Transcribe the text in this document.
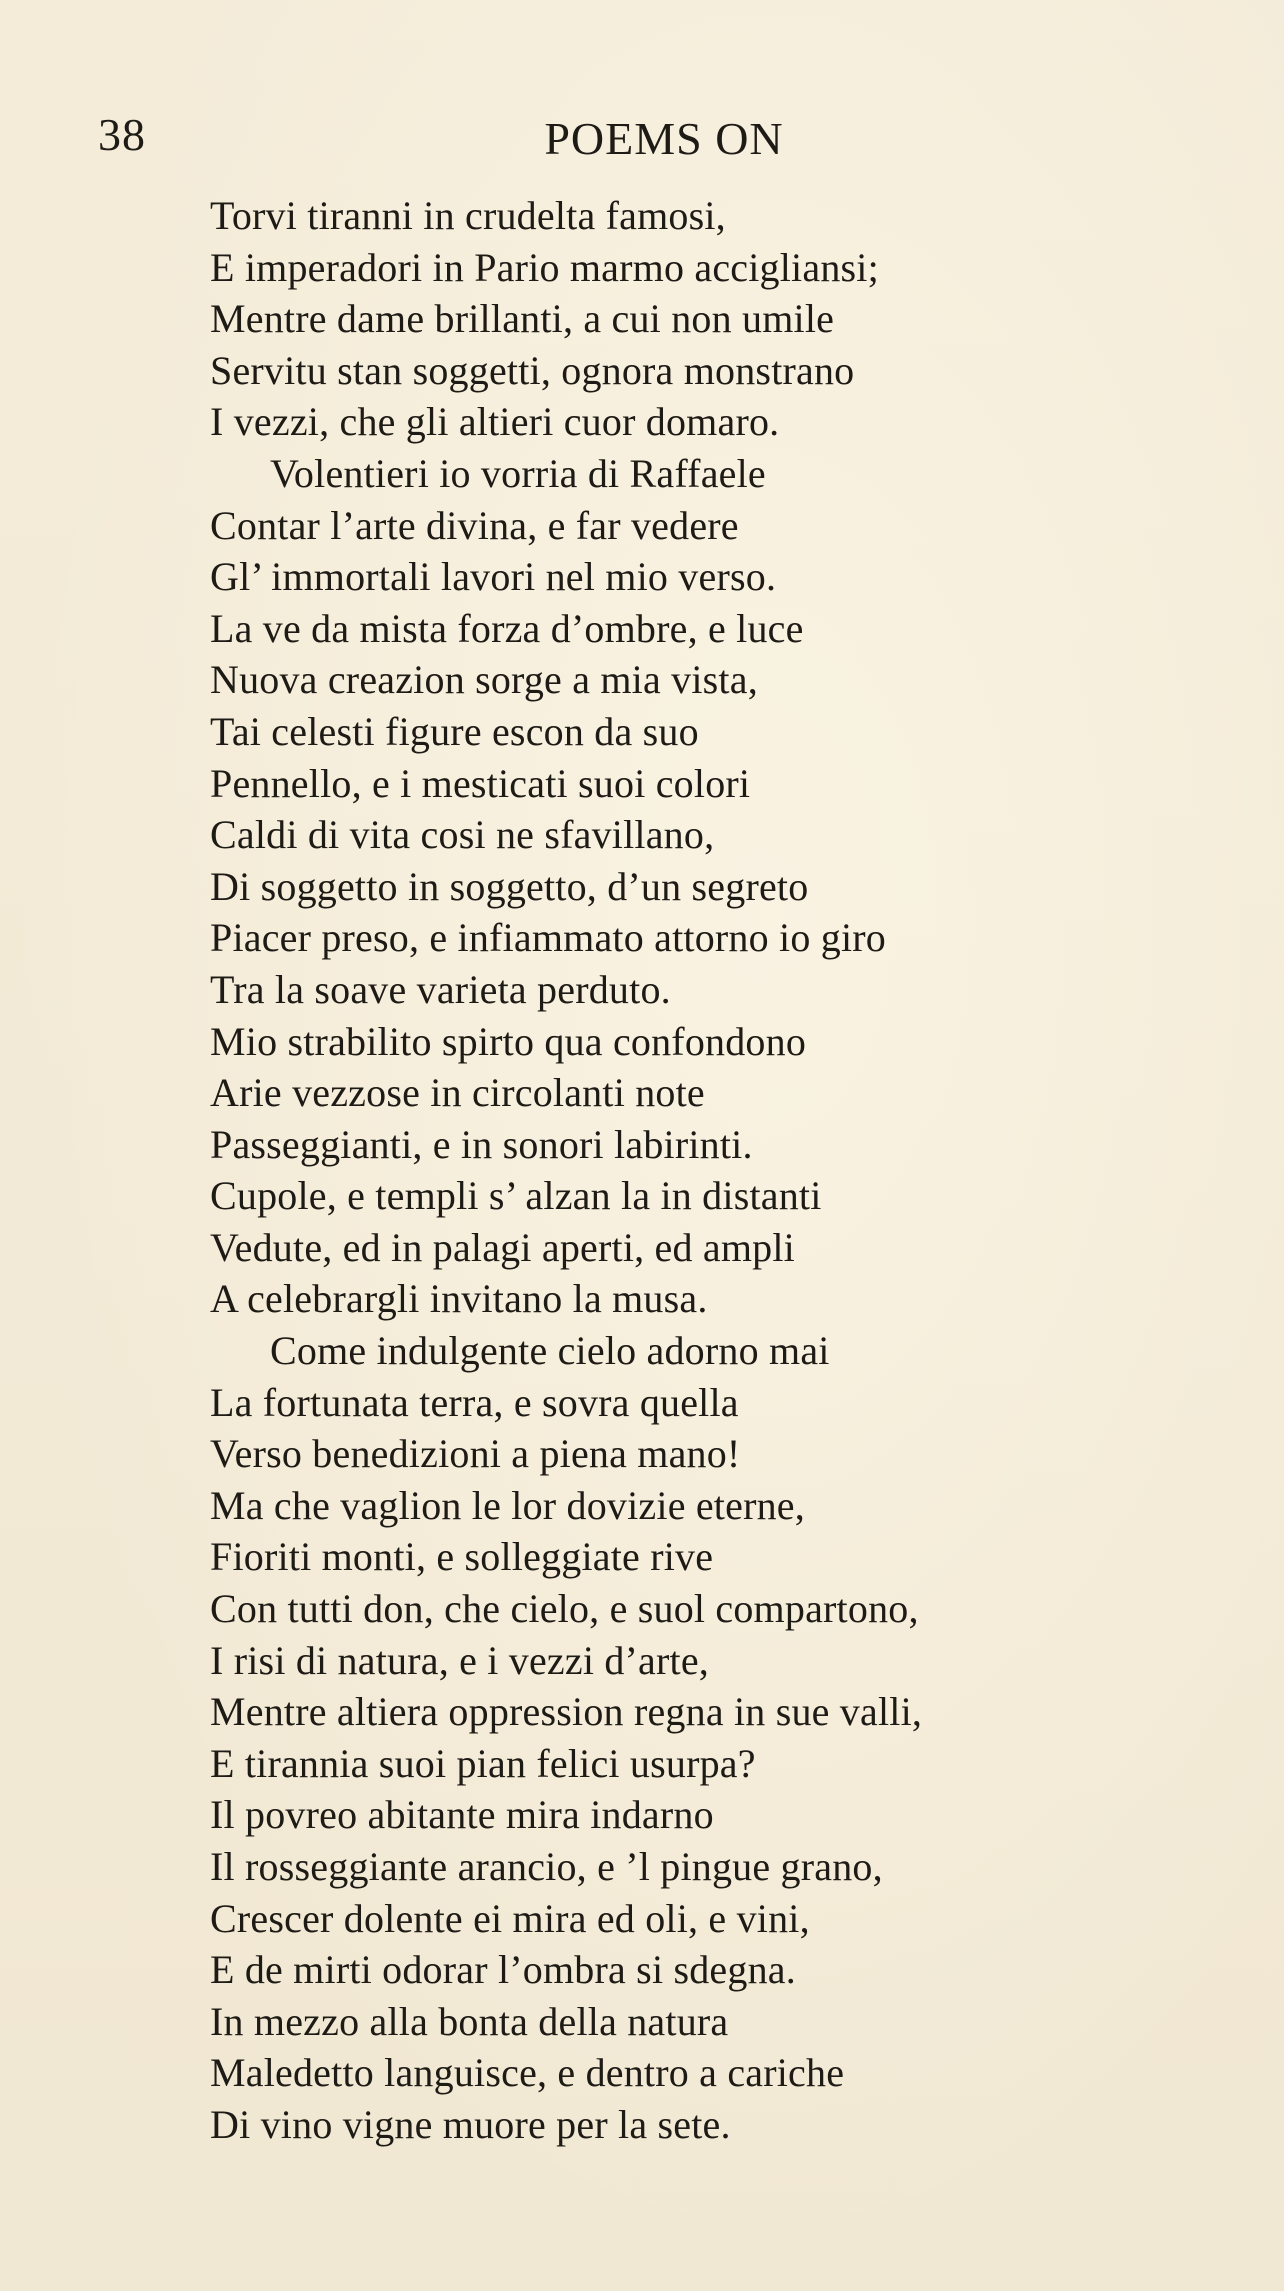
38	POEMS ON
Torvi tiranni in crudelta famosi,
E imperadori in Pario marmo accigliansi;
Mentre dame brillanti, a cui non umile
Servitu stan soggetti, ognora monstrano
I vezzi, che gli altieri cuor domaro.
Volentieri io vorria di Raffaele
Contar l’arte divina, e far vedere
Gl’ immortali lavori nel mio verso.
La ve da mista forza d’ombre, e luce
Nuova creazion sorge a mia vista,
Tai celesti figure escon da suo
Pennello, e i mesticati suoi colori
Caldi di vita cosi ne sfavillano,
Di soggetto in soggetto, d’un segreto
Piacer preso, e infiammato attorno io giro
Tra la soave varieta perduto.
Mio strabilito spirto qua confondono
Arie vezzose in circolanti note
Passeggianti, e in sonori labirinti.
Cupole, e templi s’ alzan la in distanti
Vedute, ed in palagi aperti, ed ampli
A celebrargli invitano la musa.
Come indulgente cielo adorno mai
La fortunata terra, e sovra quella
Verso benedizioni a piena mano!
Ma che vaglion le lor dovizie eterne,
Fioriti monti, e solleggiate rive
Con tutti don, che cielo, e suol compartono,
I risi di natura, e i vezzi d’arte,
Mentre altiera oppression regna in sue valli,
E tirannia suoi pian felici usurpa?
Il povreo abitante mira indarno
Il rosseggiante arancio, e ’l pingue grano,
Crescer dolente ei mira ed oli, e vini,
E de mirti odorar l’ombra si sdegna.
In mezzo alla bonta della natura
Maledetto languisce, e dentro a cariche
Di vino vigne muore per la sete.
